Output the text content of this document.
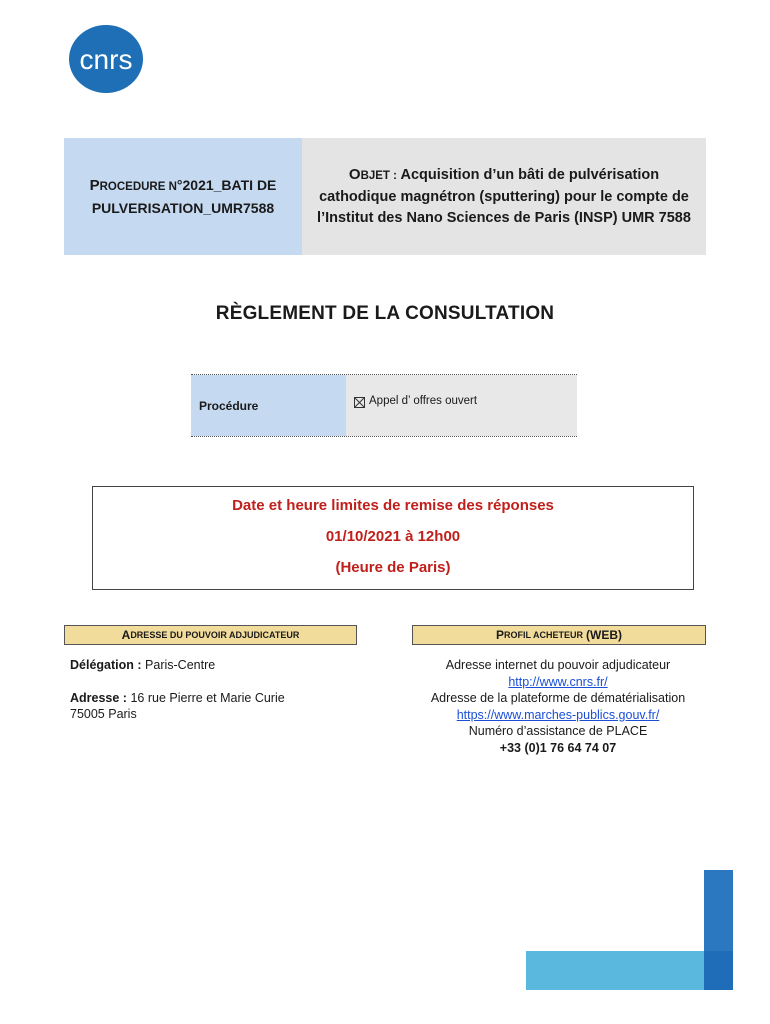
cnrs
PROCEDURE N°2021_BATI DE PULVERISATION_UMR7588
OBJET : Acquisition d’un bâti de pulvérisation cathodique magnétron (sputtering) pour le compte de l’Institut des Nano Sciences de Paris (INSP) UMR 7588
RÈGLEMENT DE LA CONSULTATION
Procédure	Appel d’ offres ouvert
Date et heure limites de remise des réponses
01/10/2021 à 12h00
(Heure de Paris)
A DRESSE DU POUVOIR ADJUDICATEUR	P ROFIL ACHETEUR
(WEB)
Délégation : Paris-Centre
Adresse : 16 rue Pierre et Marie Curie
75005 Paris
Adresse internet du pouvoir adjudicateur
http://www.cnrs.fr/
Adresse de la plateforme de dématérialisation
https://www.marches-publics.gouv.fr/
Numéro d’assistance de PLACE
+33 (0)1 76 64 74 07
